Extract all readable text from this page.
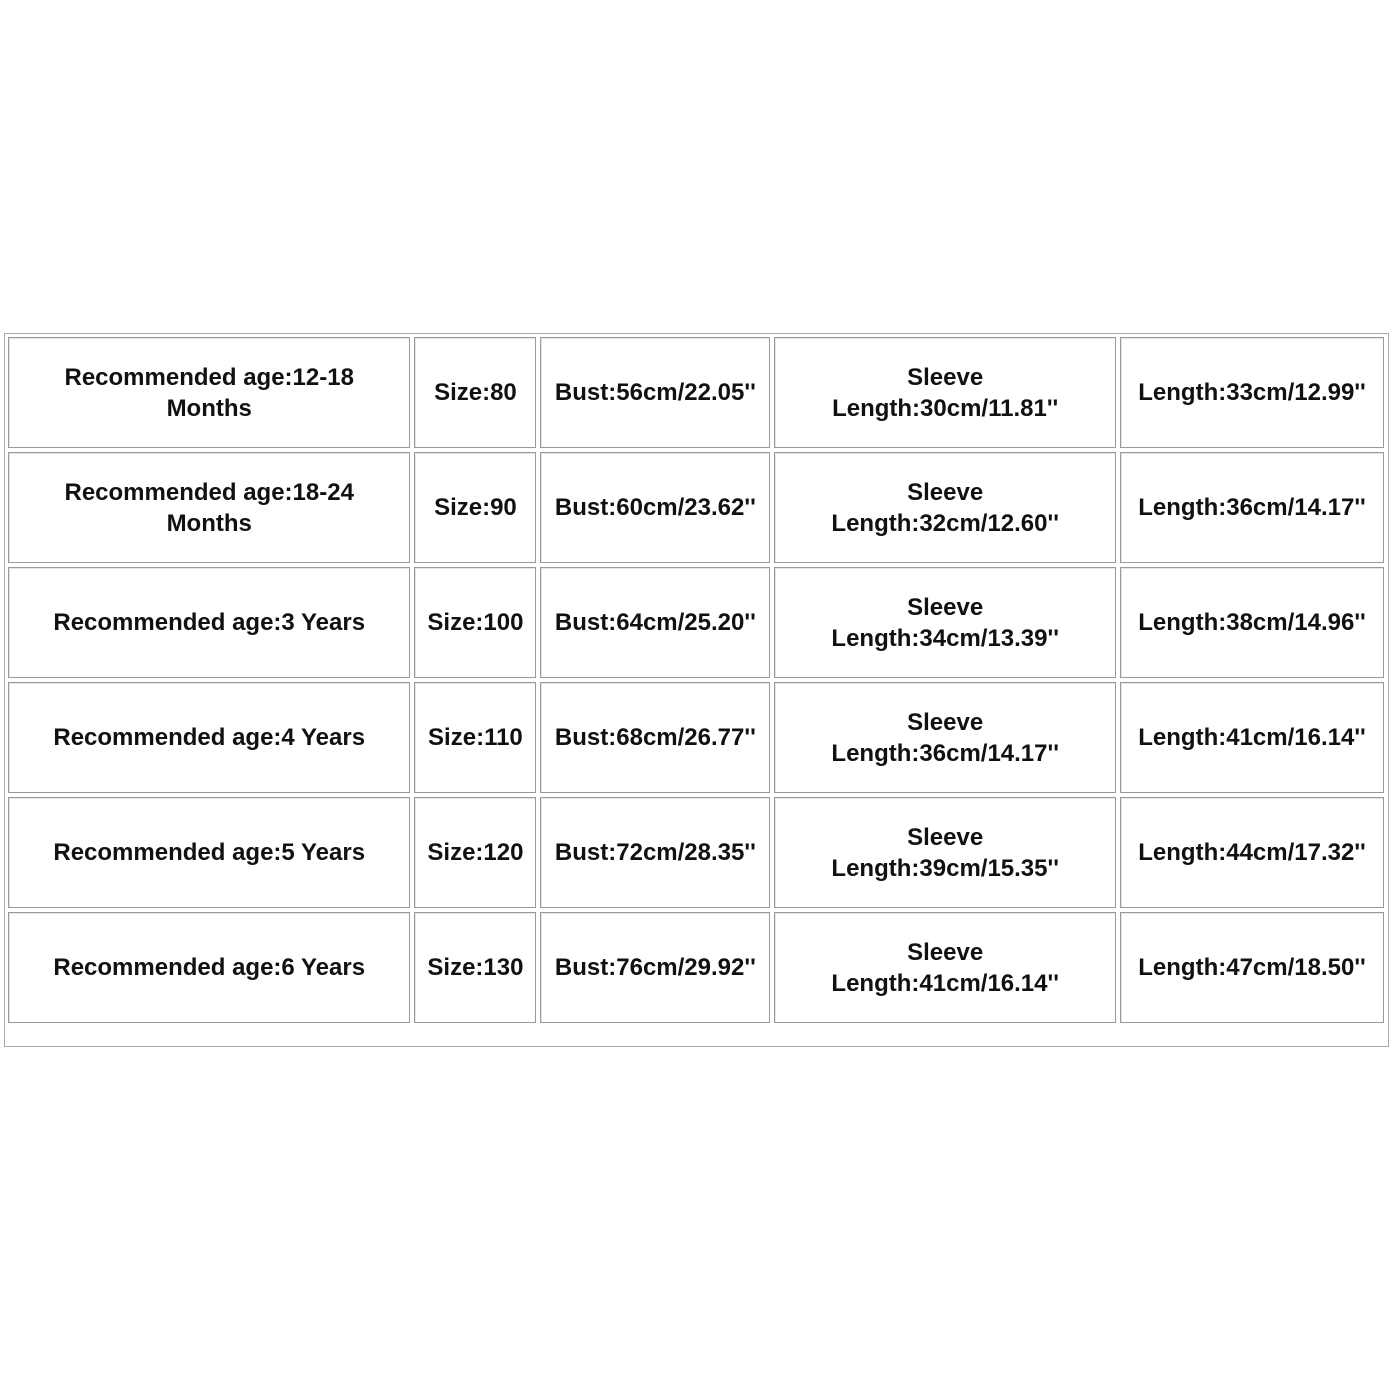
Recommended age:12-18 Months	Size:80	Bust:56cm/22.05''	Sleeve Length:30cm/11.81''	Length:33cm/12.99''
Recommended age:18-24 Months	Size:90	Bust:60cm/23.62''	Sleeve Length:32cm/12.60''	Length:36cm/14.17''
Recommended age:3 Years	Size:100	Bust:64cm/25.20''	Sleeve Length:34cm/13.39''	Length:38cm/14.96''
Recommended age:4 Years	Size:110	Bust:68cm/26.77''	Sleeve Length:36cm/14.17''	Length:41cm/16.14''
Recommended age:5 Years	Size:120	Bust:72cm/28.35''	Sleeve Length:39cm/15.35''	Length:44cm/17.32''
Recommended age:6 Years	Size:130	Bust:76cm/29.92''	Sleeve Length:41cm/16.14''	Length:47cm/18.50''
